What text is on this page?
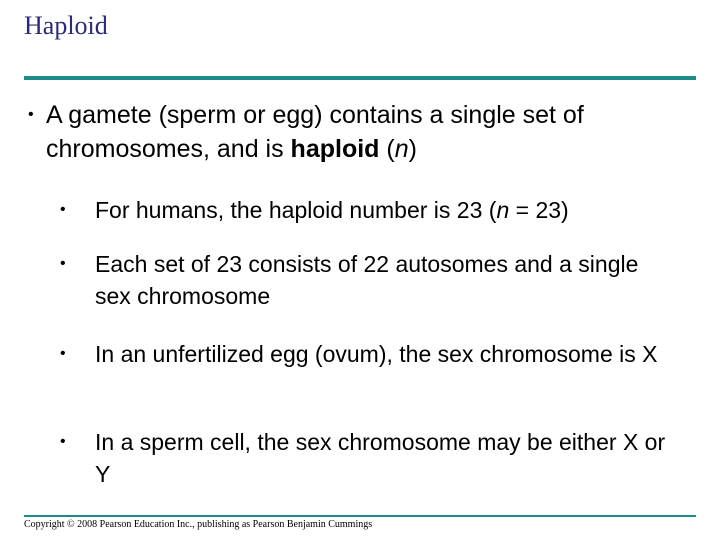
Haploid
• A gamete (sperm or egg) contains a single set of chromosomes, and is haploid (n)
• For humans, the haploid number is 23 (n = 23)
• Each set of 23 consists of 22 autosomes and a single sex chromosome
• In an unfertilized egg (ovum), the sex chromosome is X
• In a sperm cell, the sex chromosome may be either X or Y
Copyright © 2008 Pearson Education Inc., publishing as Pearson Benjamin Cummings
